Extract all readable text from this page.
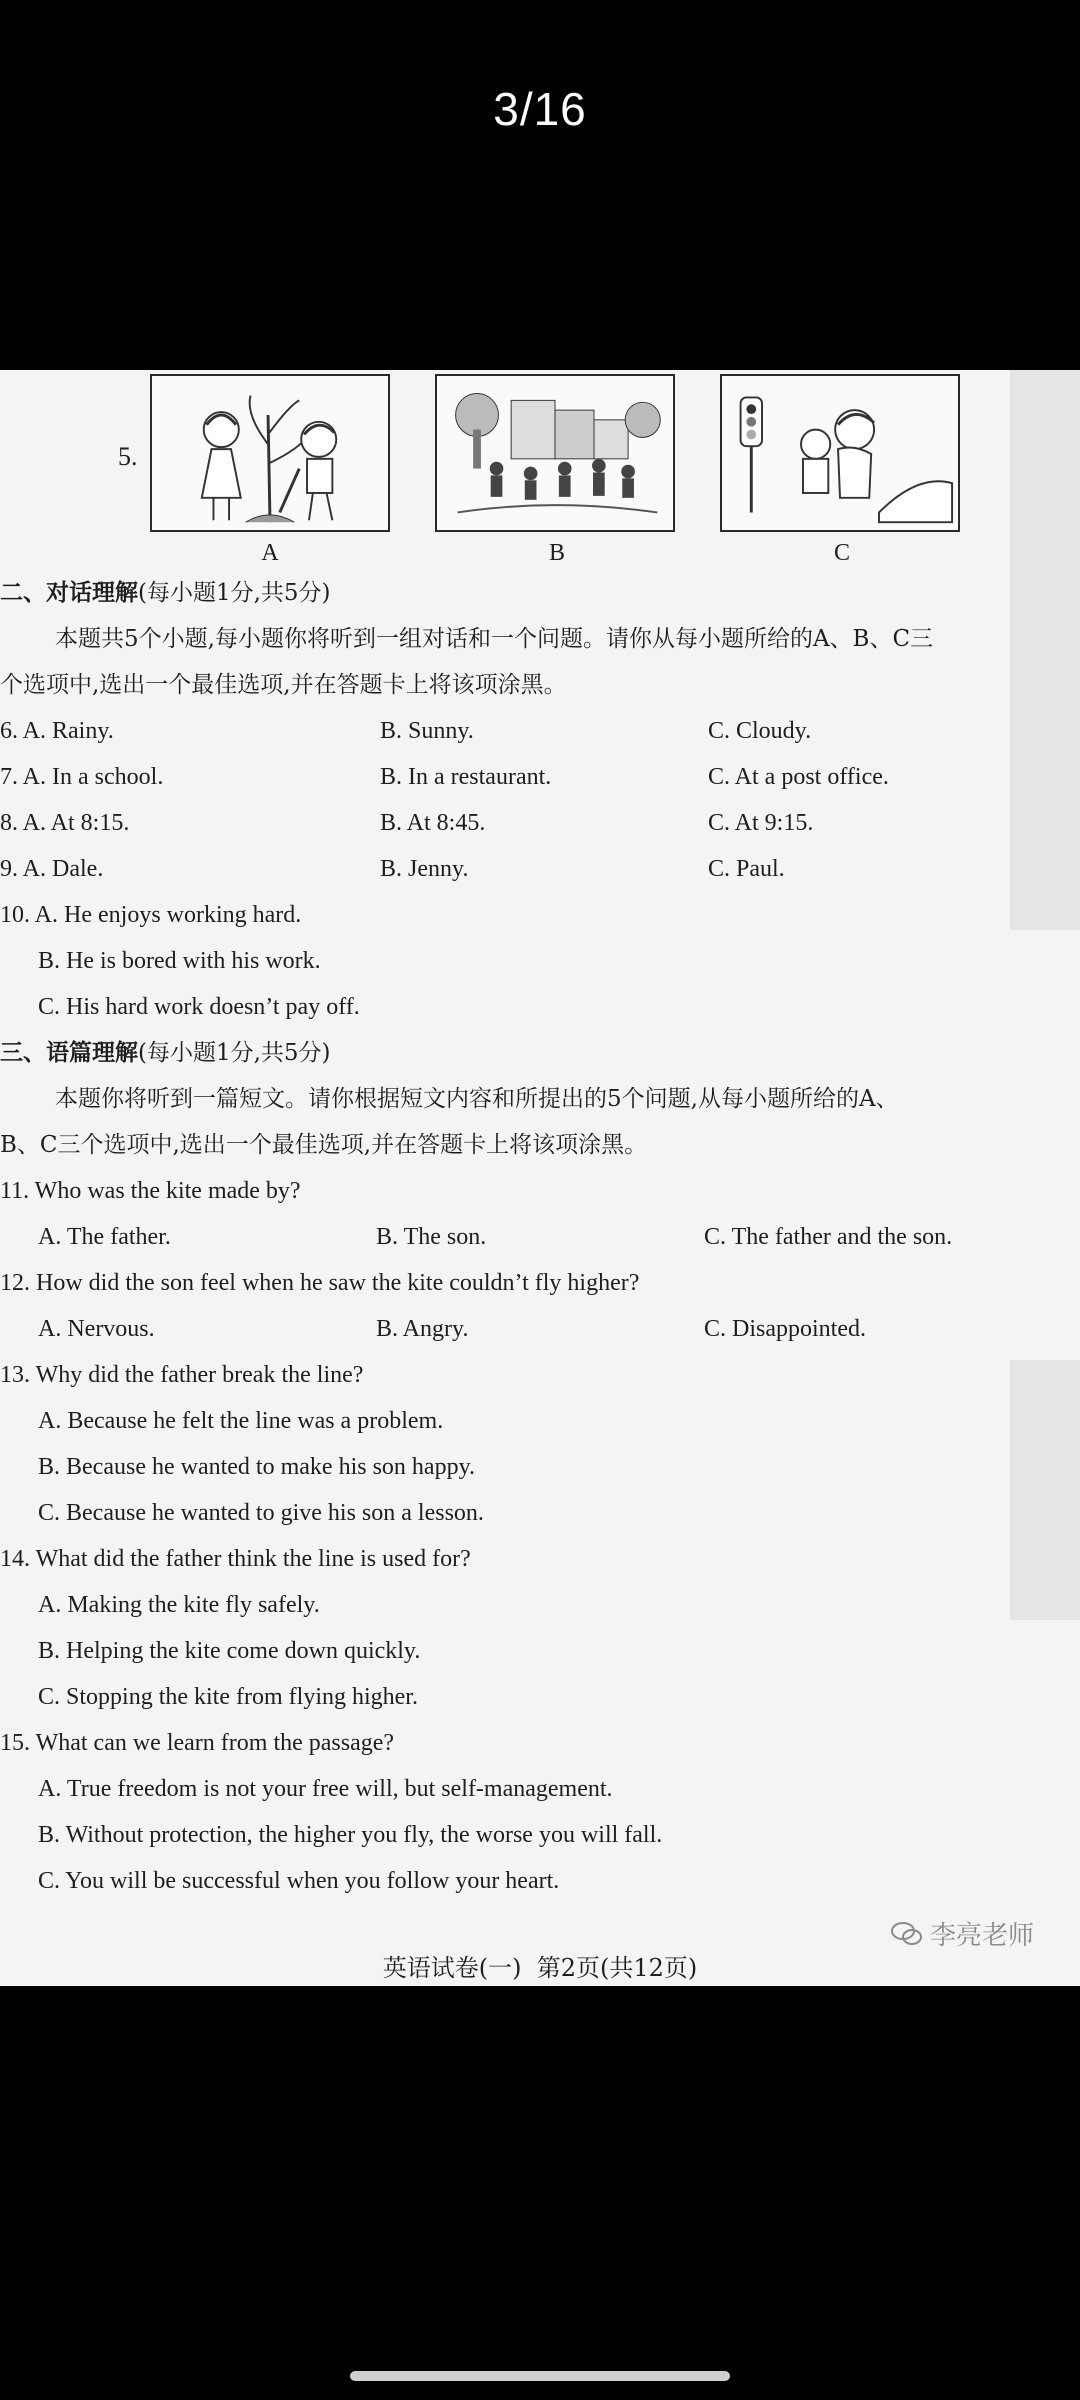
3/16
5.
A	B	C
二、对话理解(每小题1分,共5分)
本题共5个小题,每小题你将听到一组对话和一个问题。请你从每小题所给的A、B、C三
个选项中,选出一个最佳选项,并在答题卡上将该项涂黑。
6. A. Rainy.	B. Sunny.	C. Cloudy.
7. A. In a school.	B. In a restaurant.	C. At a post office.
8. A. At 8:15.	B. At 8:45.	C. At 9:15.
9. A. Dale.	B. Jenny.	C. Paul.
10. A. He enjoys working hard.
B. He is bored with his work.
C. His hard work doesn’t pay off.
三、语篇理解(每小题1分,共5分)
本题你将听到一篇短文。请你根据短文内容和所提出的5个问题,从每小题所给的A、
B、C三个选项中,选出一个最佳选项,并在答题卡上将该项涂黑。
11. Who was the kite made by?
A. The father.	B. The son.	C. The father and the son.
12. How did the son feel when he saw the kite couldn’t fly higher?
A. Nervous.	B. Angry.	C. Disappointed.
13. Why did the father break the line?
A. Because he felt the line was a problem.
B. Because he wanted to make his son happy.
C. Because he wanted to give his son a lesson.
14. What did the father think the line is used for?
A. Making the kite fly safely.
B. Helping the kite come down quickly.
C. Stopping the kite from flying higher.
15. What can we learn from the passage?
A. True freedom is not your free will, but self-management.
B. Without protection, the higher you fly, the worse you will fall.
C. You will be successful when you follow your heart.
李亮老师
英语试卷(一)  第2页(共12页)
